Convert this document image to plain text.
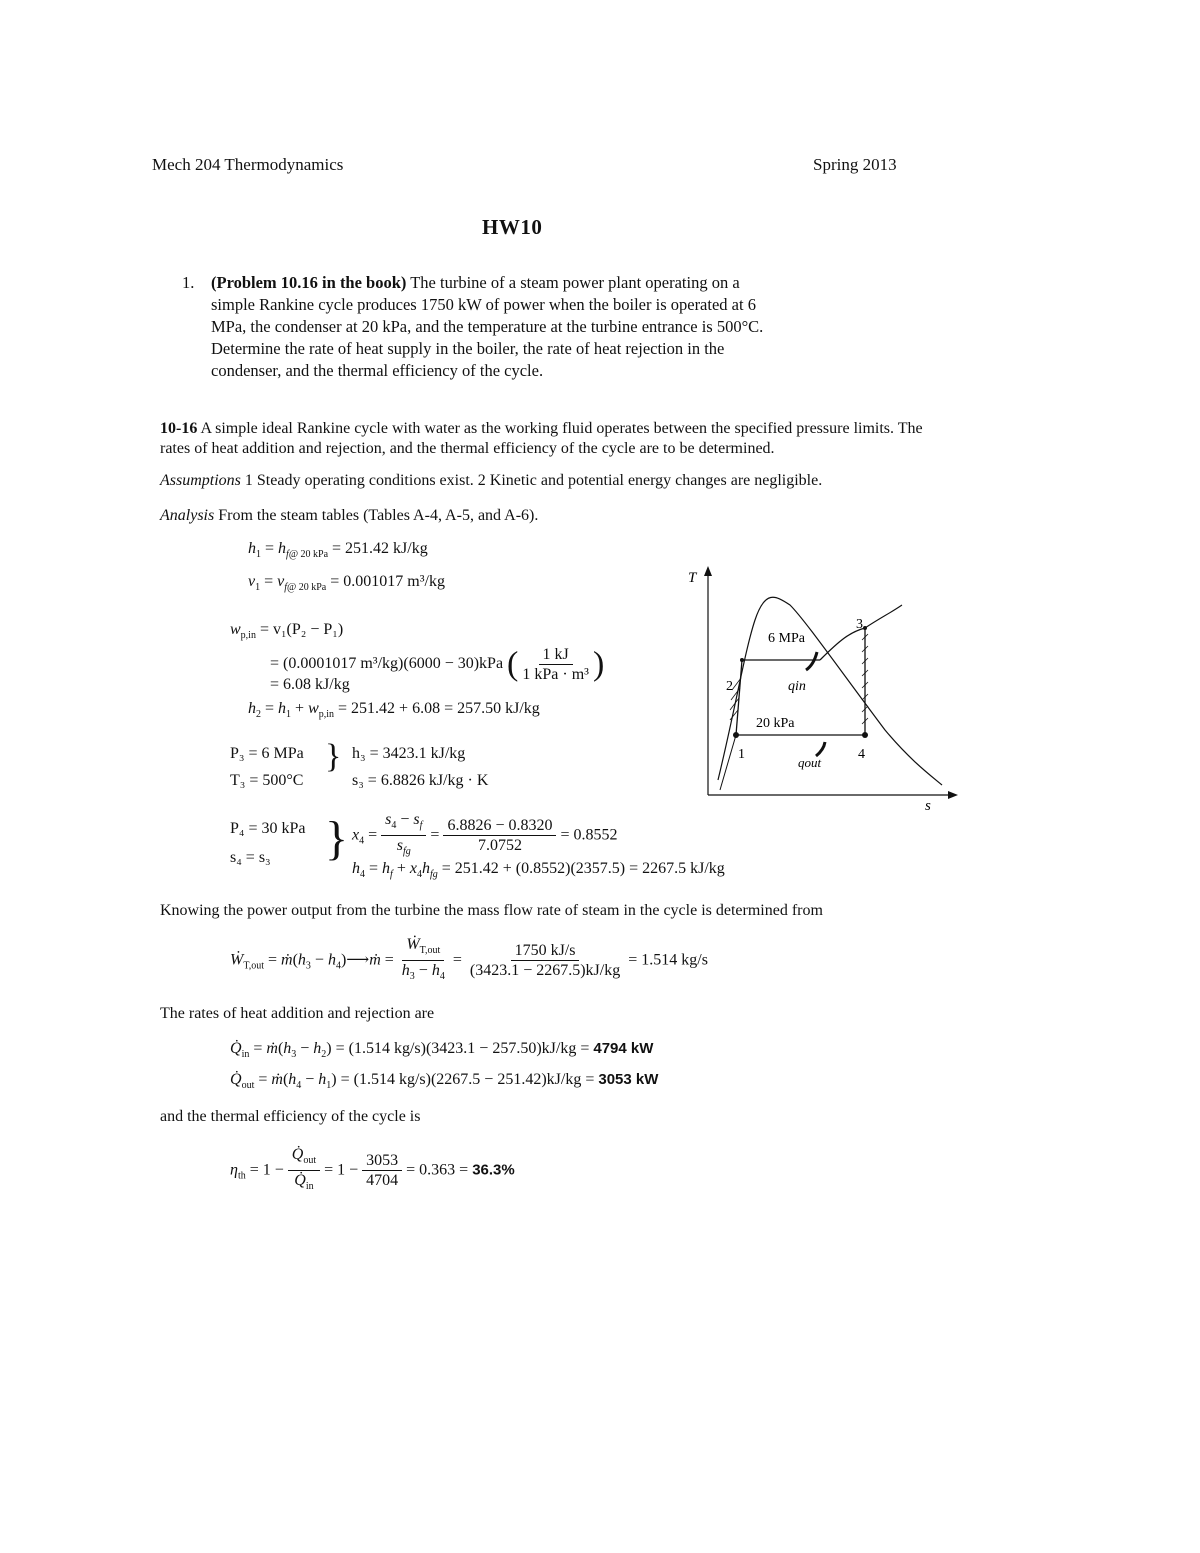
Mech 204 Thermodynamics	Spring 2013
HW10
1. (Problem 10.16 in the book) The turbine of a steam power plant operating on a
simple Rankine cycle produces 1750 kW of power when the boiler is operated at 6
MPa, the condenser at 20 kPa, and the temperature at the turbine entrance is 500°C.
Determine the rate of heat supply in the boiler, the rate of heat rejection in the
condenser, and the thermal efficiency of the cycle.
10-16 A simple ideal Rankine cycle with water as the working fluid operates between the specified pressure limits. The
rates of heat addition and rejection, and the thermal efficiency of the cycle are to be determined.
Assumptions 1 Steady operating conditions exist. 2 Kinetic and potential energy changes are negligible.
Analysis From the steam tables (Tables A-4, A-5, and A-6).
$h_1 = h_{f@ 20 kPa} = 251.42$ kJ/kg
$v_1 = v_{f@ 20 kPa} = 0.001017$ m³/kg
$w_{p,in} = v_1(P_2 - P_1)$
= (0.0001017 m³/kg)(6000 − 30)kPa ( $\frac{1 kJ}{\text{1 kPa · m³}}$ )
= 6.08 kJ/kg
$h_2 = h_1 + w_{p,in} = 251.42 + 6.08 = 257.50$ kJ/kg
P₃ = 6 MPa
T₃ = 500°C
} h₃ = 3423.1 kJ/kg
s₃ = 6.8826 kJ/kg · K
P₄ = 30 kPa
s₄ = s₃ } $x_4 = \frac{s_4 - s_f}{s_{fg}} = \frac{6.8826 - 0.8320}{7.0752} = 0.8552$
$h_4 = h_f + x_4h_{fg} = 251.42 + (0.8552)(2357.5) = 2267.5$ kJ/kg
Knowing the power output from the turbine the mass flow rate of steam in the cycle is determined from
Ẇ$_{T,out}$ = $ṁ(h_3$ − $h_4)⟶ṁ = \frac{Ẇ_{T,out}}{h_3 - h_4} = \frac{1750 kJ/s}{(3423.1 - 2267.5)kJ/kg} = 1.514$ kg/s
The rates of heat addition and rejection are
$Q̇_{in}$ = $ṁ(h_3 - h_2) = (1.514$ kg/s)(3423.1 − 257.50)kJ/kg = 4794 kW
$Q̇_{out}$ = $ṁ(h_4 - h_1) = (1.514$ kg/s)(2267.5 − 251.42)kJ/kg = 3053 kW
and the thermal efficiency of the cycle is
$\eta_{th} = 1 - \frac{Q̇_{out}}{Q̇_{in}} = 1 - \frac{3053}{4704} = 0.363 = 36.3\%$
T
s
1
2
3
4
6 MPa
20 kPa
qin
qout
